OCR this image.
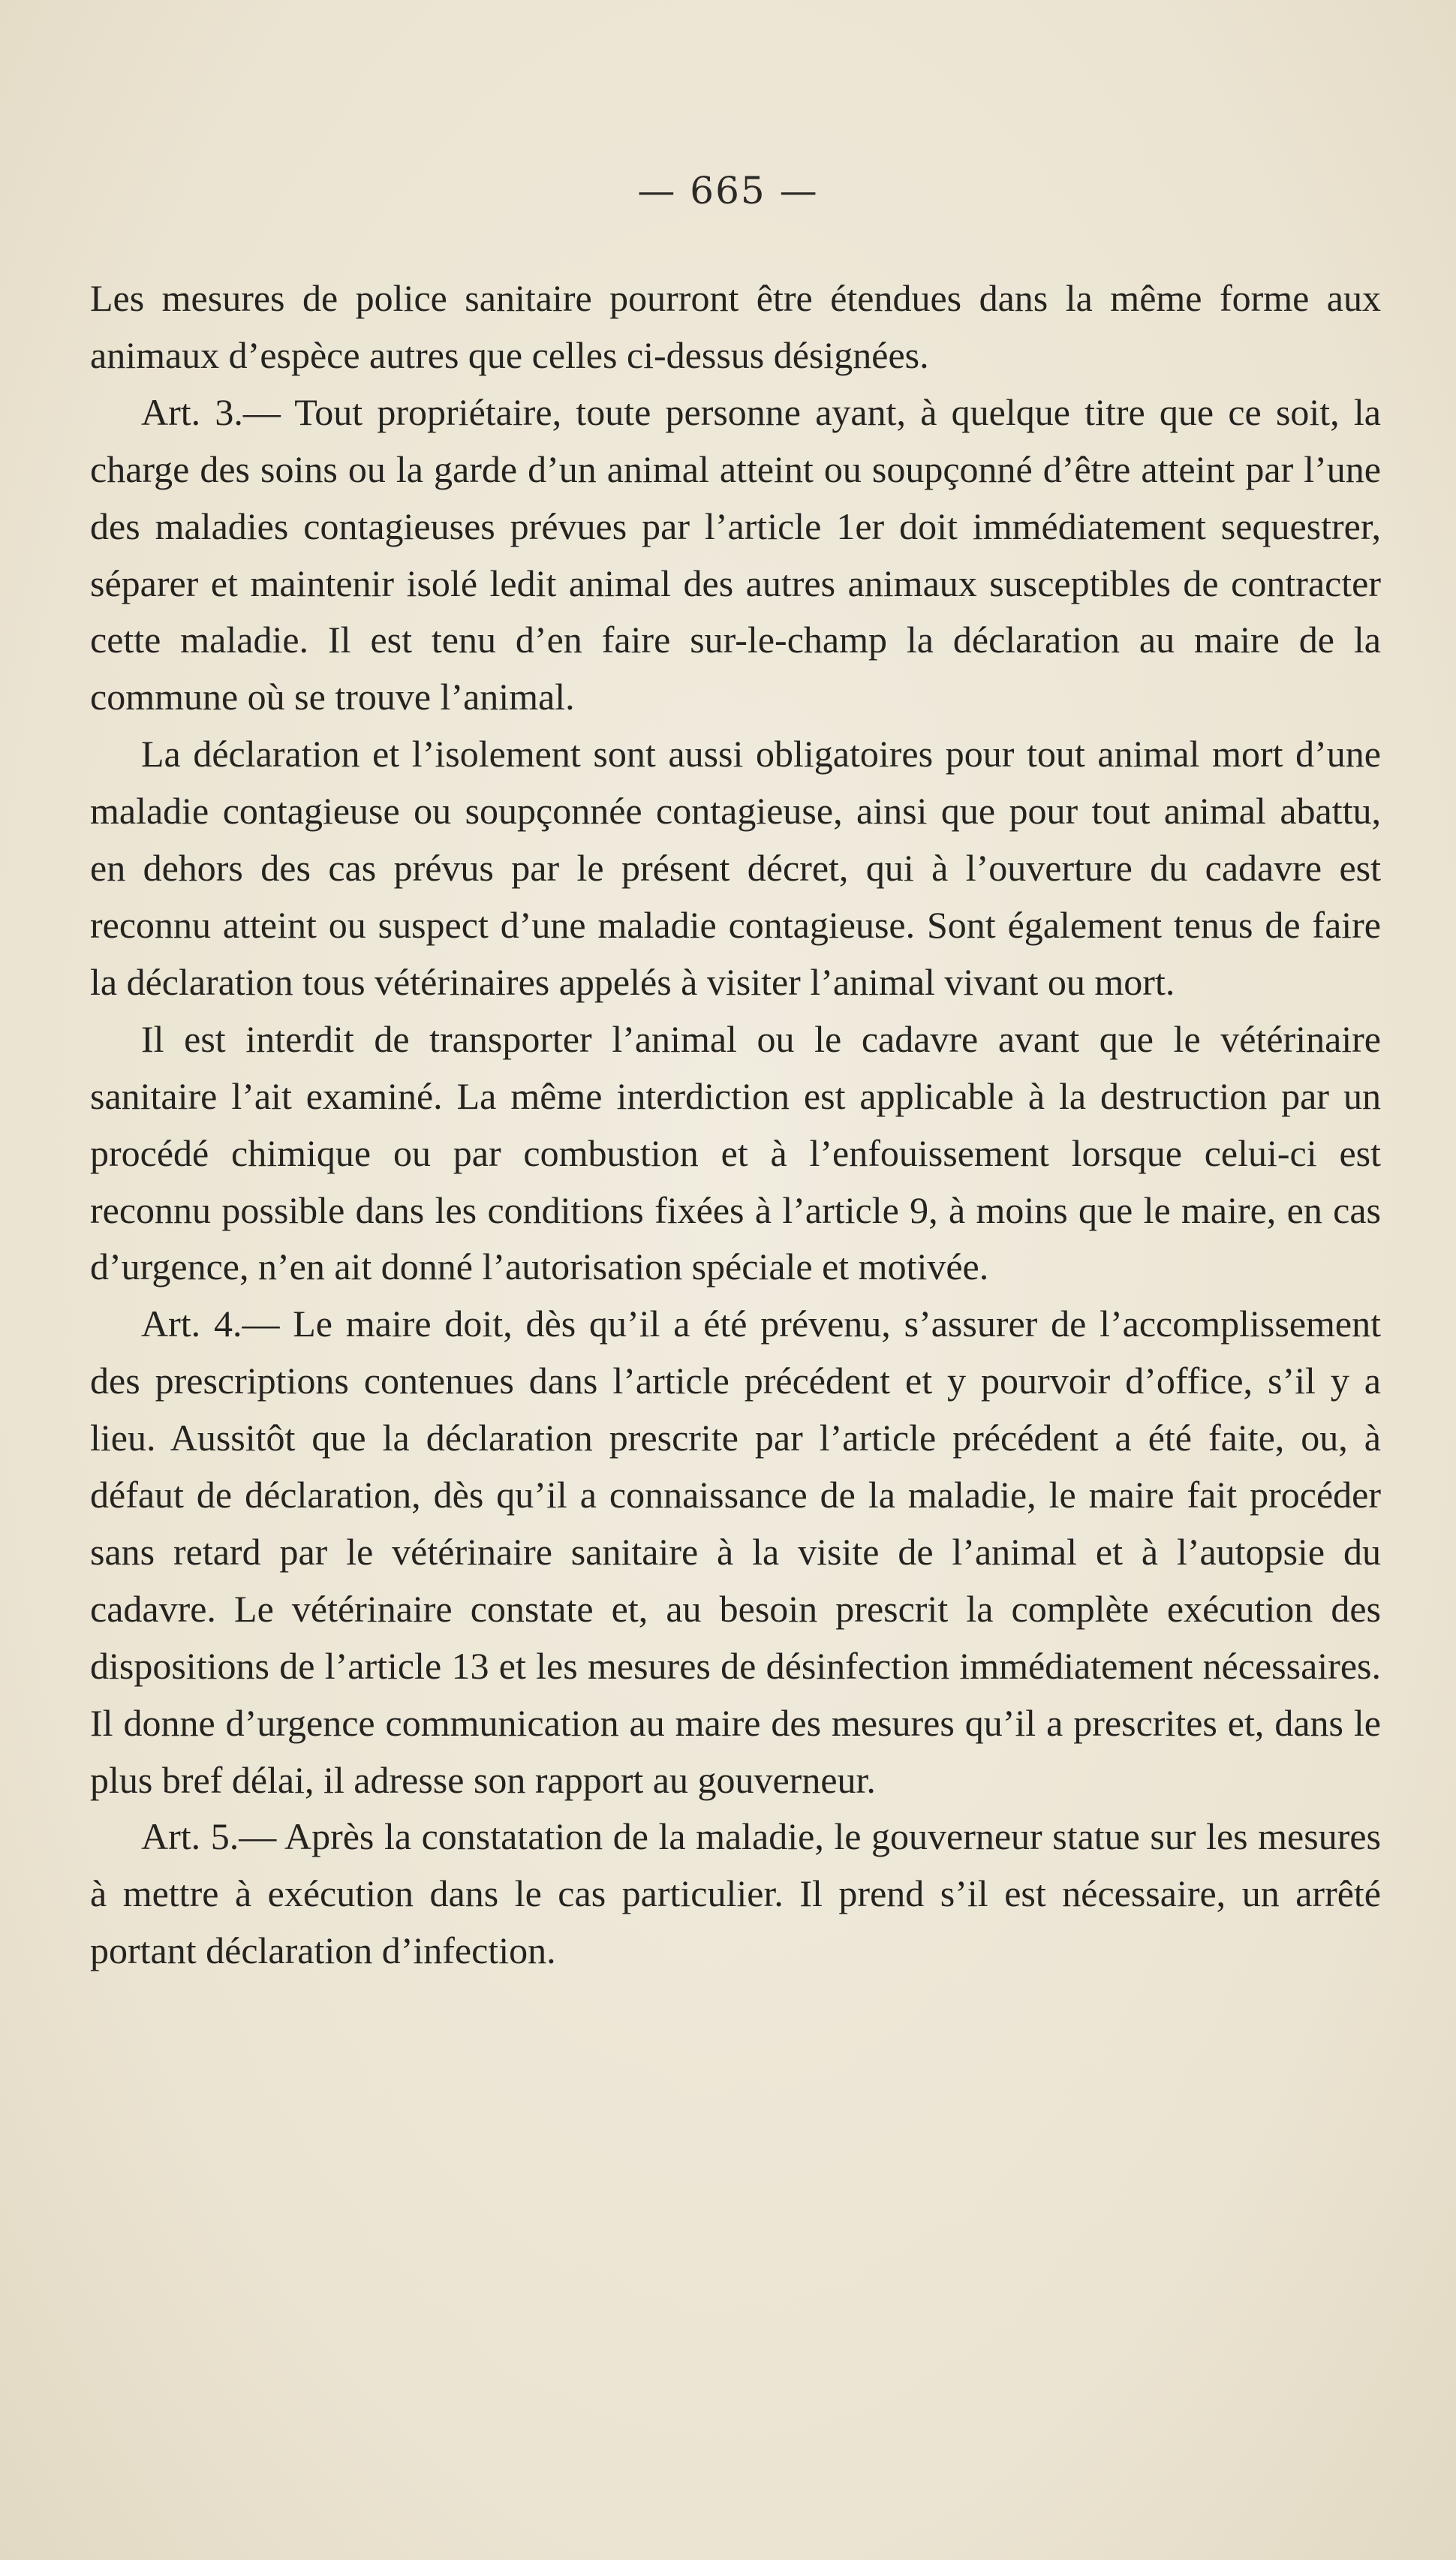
— 665 —

Les mesures de police sanitaire pourront être étendues dans la même forme aux animaux d’espèce autres que celles ci-dessus désignées.

Art. 3.— Tout propriétaire, toute personne ayant, à quelque titre que ce soit, la charge des soins ou la garde d’un animal atteint ou soupçonné d’être atteint par l’une des maladies contagieuses prévues par l’article 1er doit immédiatement sequestrer, séparer et maintenir isolé ledit animal des autres animaux susceptibles de contracter cette maladie. Il est tenu d’en faire sur-le-champ la déclaration au maire de la commune où se trouve l’animal.

La déclaration et l’isolement sont aussi obligatoires pour tout animal mort d’une maladie contagieuse ou soupçonnée contagieuse, ainsi que pour tout animal abattu, en dehors des cas prévus par le présent décret, qui à l’ouverture du cadavre est reconnu atteint ou suspect d’une maladie contagieuse. Sont également tenus de faire la déclaration tous vétérinaires appelés à visiter l’animal vivant ou mort.

Il est interdit de transporter l’animal ou le cadavre avant que le vétérinaire sanitaire l’ait examiné. La même interdiction est applicable à la destruction par un procédé chimique ou par combustion et à l’enfouissement lorsque celui-ci est reconnu possible dans les conditions fixées à l’article 9, à moins que le maire, en cas d’urgence, n’en ait donné l’autorisation spéciale et motivée.

Art. 4.— Le maire doit, dès qu’il a été prévenu, s’assurer de l’accomplissement des prescriptions contenues dans l’article précédent et y pourvoir d’office, s’il y a lieu. Aussitôt que la déclaration prescrite par l’article précédent a été faite, ou, à défaut de déclaration, dès qu’il a connaissance de la maladie, le maire fait procéder sans retard par le vétérinaire sanitaire à la visite de l’animal et à l’autopsie du cadavre. Le vétérinaire constate et, au besoin prescrit la complète exécution des dispositions de l’article 13 et les mesures de désinfection immédiatement nécessaires. Il donne d’urgence communication au maire des mesures qu’il a prescrites et, dans le plus bref délai, il adresse son rapport au gouverneur.

Art. 5.— Après la constatation de la maladie, le gouverneur statue sur les mesures à mettre à exécution dans le cas particulier. Il prend s’il est nécessaire, un arrêté portant déclaration d’infection.
